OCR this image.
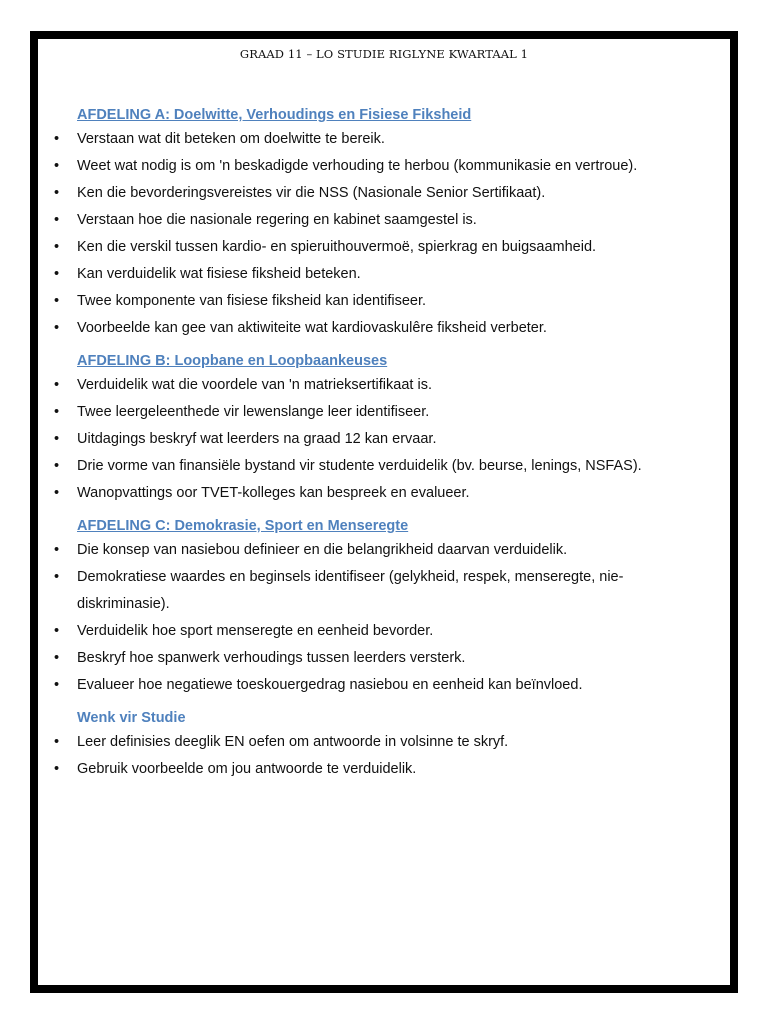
GRAAD 11 – LO STUDIE RIGLYNE KWARTAAL 1
AFDELING A: Doelwitte, Verhoudings en Fisiese Fiksheid
• Verstaan wat dit beteken om doelwitte te bereik.
• Weet wat nodig is om 'n beskadigde verhouding te herbou (kommunikasie en vertroue).
• Ken die bevorderingsvereistes vir die NSS (Nasionale Senior Sertifikaat).
• Verstaan hoe die nasionale regering en kabinet saamgestel is.
• Ken die verskil tussen kardio- en spieruithouvermoë, spierkrag en buigsaamheid.
• Kan verduidelik wat fisiese fiksheid beteken.
• Twee komponente van fisiese fiksheid kan identifiseer.
• Voorbeelde kan gee van aktiwiteite wat kardiovaskulêre fiksheid verbeter.
AFDELING B: Loopbane en Loopbaankeuses
• Verduidelik wat die voordele van 'n matrieksertifikaat is.
• Twee leergeleenthede vir lewenslange leer identifiseer.
• Uitdagings beskryf wat leerders na graad 12 kan ervaar.
• Drie vorme van finansiële bystand vir studente verduidelik (bv. beurse, lenings, NSFAS).
• Wanopvattings oor TVET-kolleges kan bespreek en evalueer.
AFDELING C: Demokrasie, Sport en Menseregte
• Die konsep van nasiebou definieer en die belangrikheid daarvan verduidelik.
• Demokratiese waardes en beginsels identifiseer (gelykheid, respek, menseregte, nie-diskriminasie).
• Verduidelik hoe sport menseregte en eenheid bevorder.
• Beskryf hoe spanwerk verhoudings tussen leerders versterk.
• Evalueer hoe negatiewe toeskouergedrag nasiebou en eenheid kan beïnvloed.
Wenk vir Studie
• Leer definisies deeglik EN oefen om antwoorde in volsinne te skryf.
• Gebruik voorbeelde om jou antwoorde te verduidelik.
